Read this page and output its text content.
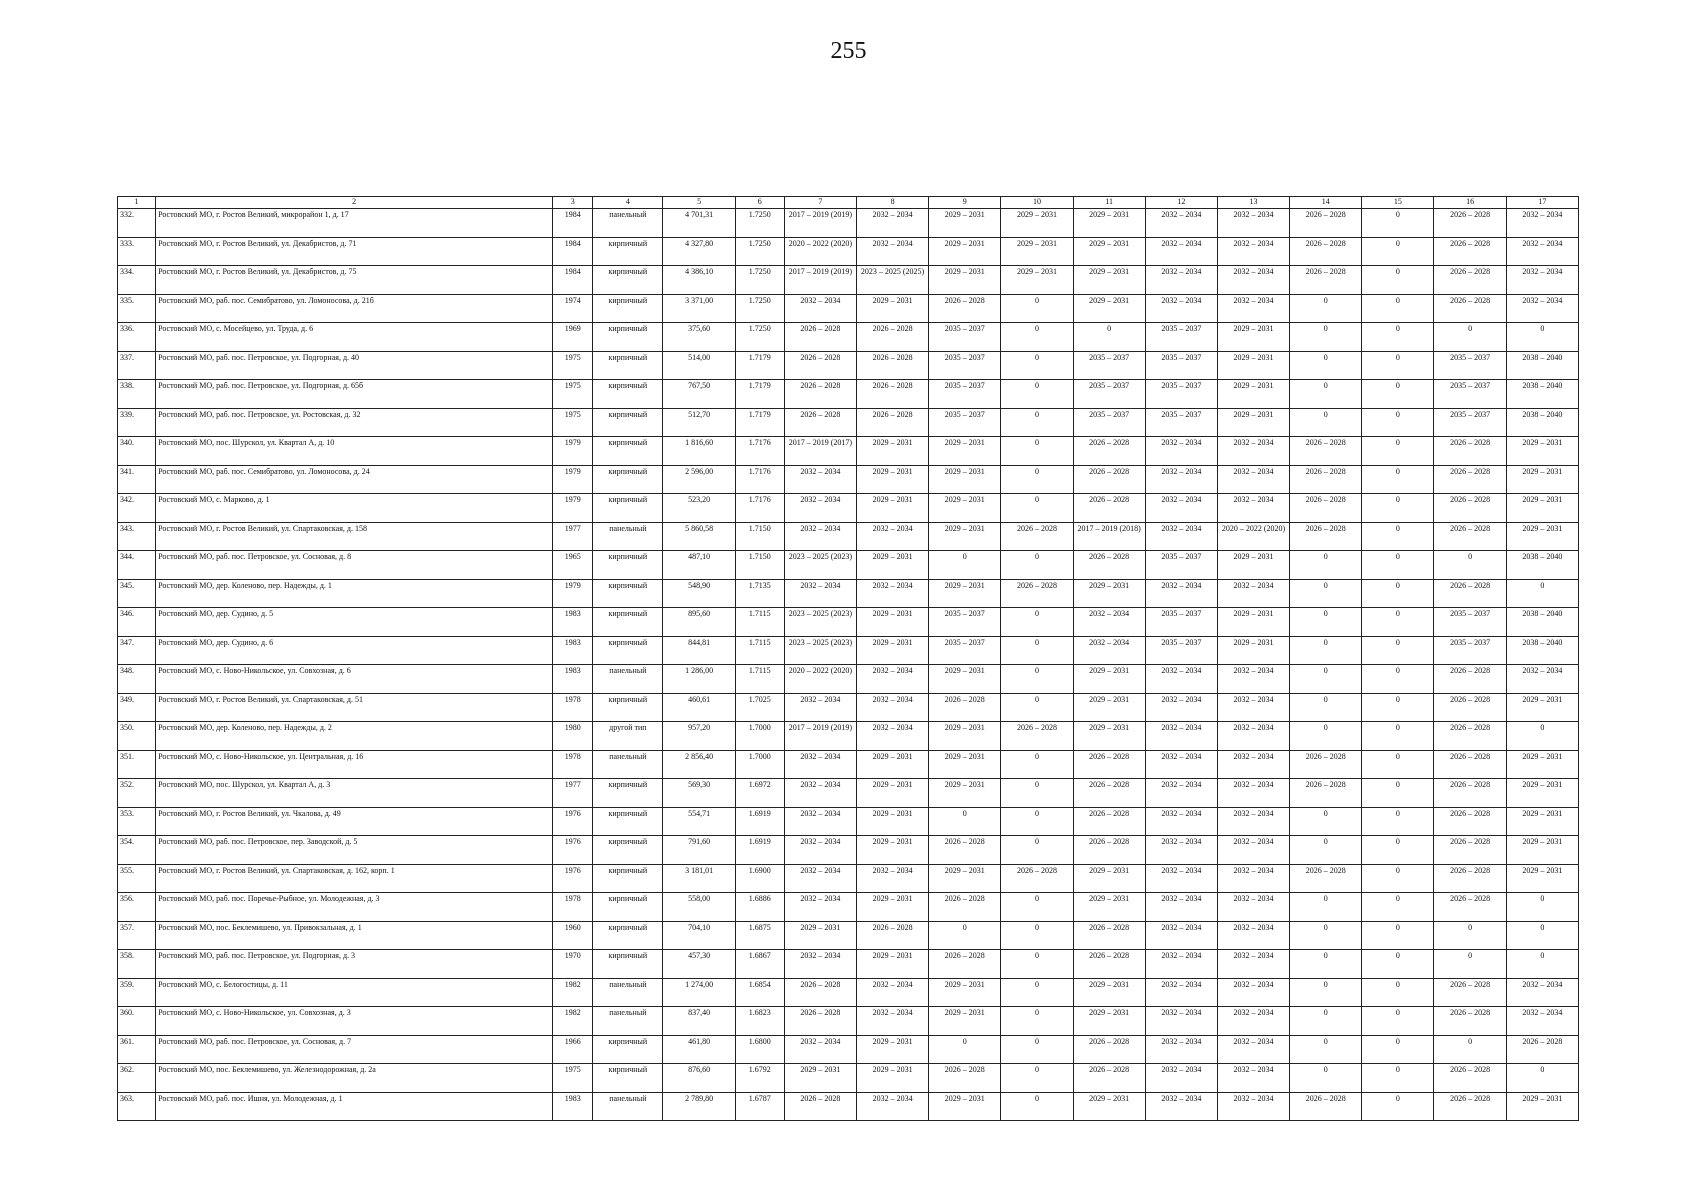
255
1	2	3	4	5	6	7	8	9	10	11	12	13	14	15	16	17
332.	Ростовский МО, г. Ростов Великий, микрорайон 1, д. 17	1984	панельный	4 701,31	1.7250	2017 – 2019 (2019)	2032 – 2034	2029 – 2031	2029 – 2031	2029 – 2031	2032 – 2034	2032 – 2034	2026 – 2028	0	2026 – 2028	2032 – 2034
333.	Ростовский МО, г. Ростов Великий, ул. Декабристов, д. 71	1984	кирпичный	4 327,80	1.7250	2020 – 2022 (2020)	2032 – 2034	2029 – 2031	2029 – 2031	2029 – 2031	2032 – 2034	2032 – 2034	2026 – 2028	0	2026 – 2028	2032 – 2034
334.	Ростовский МО, г. Ростов Великий, ул. Декабристов, д. 75	1984	кирпичный	4 386,10	1.7250	2017 – 2019 (2019)	2023 – 2025 (2025)	2029 – 2031	2029 – 2031	2029 – 2031	2032 – 2034	2032 – 2034	2026 – 2028	0	2026 – 2028	2032 – 2034
335.	Ростовский МО, раб. пос. Семибратово, ул. Ломоносова, д. 21б	1974	кирпичный	3 371,00	1.7250	2032 – 2034	2029 – 2031	2026 – 2028	0	2029 – 2031	2032 – 2034	2032 – 2034	0	0	2026 – 2028	2032 – 2034
336.	Ростовский МО, с. Мосейцево, ул. Труда, д. 6	1969	кирпичный	375,60	1.7250	2026 – 2028	2026 – 2028	2035 – 2037	0	0	2035 – 2037	2029 – 2031	0	0	0	0
337.	Ростовский МО, раб. пос. Петровское, ул. Подгорная, д. 40	1975	кирпичный	514,00	1.7179	2026 – 2028	2026 – 2028	2035 – 2037	0	2035 – 2037	2035 – 2037	2029 – 2031	0	0	2035 – 2037	2038 – 2040
338.	Ростовский МО, раб. пос. Петровское, ул. Подгорная, д. 65б	1975	кирпичный	767,50	1.7179	2026 – 2028	2026 – 2028	2035 – 2037	0	2035 – 2037	2035 – 2037	2029 – 2031	0	0	2035 – 2037	2038 – 2040
339.	Ростовский МО, раб. пос. Петровское, ул. Ростовская, д. 32	1975	кирпичный	512,70	1.7179	2026 – 2028	2026 – 2028	2035 – 2037	0	2035 – 2037	2035 – 2037	2029 – 2031	0	0	2035 – 2037	2038 – 2040
340.	Ростовский МО, пос. Шурскол, ул. Квартал А, д. 10	1979	кирпичный	1 816,60	1.7176	2017 – 2019 (2017)	2029 – 2031	2029 – 2031	0	2026 – 2028	2032 – 2034	2032 – 2034	2026 – 2028	0	2026 – 2028	2029 – 2031
341.	Ростовский МО, раб. пос. Семибратово, ул. Ломоносова, д. 24	1979	кирпичный	2 596,00	1.7176	2032 – 2034	2029 – 2031	2029 – 2031	0	2026 – 2028	2032 – 2034	2032 – 2034	2026 – 2028	0	2026 – 2028	2029 – 2031
342.	Ростовский МО, с. Марково, д. 1	1979	кирпичный	523,20	1.7176	2032 – 2034	2029 – 2031	2029 – 2031	0	2026 – 2028	2032 – 2034	2032 – 2034	2026 – 2028	0	2026 – 2028	2029 – 2031
343.	Ростовский МО, г. Ростов Великий, ул. Спартаковская, д. 158	1977	панельный	5 860,58	1.7150	2032 – 2034	2032 – 2034	2029 – 2031	2026 – 2028	2017 – 2019 (2018)	2032 – 2034	2020 – 2022 (2020)	2026 – 2028	0	2026 – 2028	2029 – 2031
344.	Ростовский МО, раб. пос. Петровское, ул. Сосновая, д. 8	1965	кирпичный	487,10	1.7150	2023 – 2025 (2023)	2029 – 2031	0	0	2026 – 2028	2035 – 2037	2029 – 2031	0	0	0	2038 – 2040
345.	Ростовский МО, дер. Коленово, пер. Надежды, д. 1	1979	кирпичный	548,90	1.7135	2032 – 2034	2032 – 2034	2029 – 2031	2026 – 2028	2029 – 2031	2032 – 2034	2032 – 2034	0	0	2026 – 2028	0
346.	Ростовский МО, дер. Судино, д. 5	1983	кирпичный	895,60	1.7115	2023 – 2025 (2023)	2029 – 2031	2035 – 2037	0	2032 – 2034	2035 – 2037	2029 – 2031	0	0	2035 – 2037	2038 – 2040
347.	Ростовский МО, дер. Судино, д. 6	1983	кирпичный	844,81	1.7115	2023 – 2025 (2023)	2029 – 2031	2035 – 2037	0	2032 – 2034	2035 – 2037	2029 – 2031	0	0	2035 – 2037	2038 – 2040
348.	Ростовский МО, с. Ново-Никольское, ул. Совхозная, д. 6	1983	панельный	1 286,00	1.7115	2020 – 2022 (2020)	2032 – 2034	2029 – 2031	0	2029 – 2031	2032 – 2034	2032 – 2034	0	0	2026 – 2028	2032 – 2034
349.	Ростовский МО, г. Ростов Великий, ул. Спартаковская, д. 51	1978	кирпичный	460,61	1.7025	2032 – 2034	2032 – 2034	2026 – 2028	0	2029 – 2031	2032 – 2034	2032 – 2034	0	0	2026 – 2028	2029 – 2031
350.	Ростовский МО, дер. Коленово, пер. Надежды, д. 2	1980	другой тип	957,20	1.7000	2017 – 2019 (2019)	2032 – 2034	2029 – 2031	2026 – 2028	2029 – 2031	2032 – 2034	2032 – 2034	0	0	2026 – 2028	0
351.	Ростовский МО, с. Ново-Никольское, ул. Центральная, д. 16	1978	панельный	2 856,40	1.7000	2032 – 2034	2029 – 2031	2029 – 2031	0	2026 – 2028	2032 – 2034	2032 – 2034	2026 – 2028	0	2026 – 2028	2029 – 2031
352.	Ростовский МО, пос. Шурскол, ул. Квартал А, д. 3	1977	кирпичный	569,30	1.6972	2032 – 2034	2029 – 2031	2029 – 2031	0	2026 – 2028	2032 – 2034	2032 – 2034	2026 – 2028	0	2026 – 2028	2029 – 2031
353.	Ростовский МО, г. Ростов Великий, ул. Чкалова, д. 49	1976	кирпичный	554,71	1.6919	2032 – 2034	2029 – 2031	0	0	2026 – 2028	2032 – 2034	2032 – 2034	0	0	2026 – 2028	2029 – 2031
354.	Ростовский МО, раб. пос. Петровское, пер. Заводской, д. 5	1976	кирпичный	791,60	1.6919	2032 – 2034	2029 – 2031	2026 – 2028	0	2026 – 2028	2032 – 2034	2032 – 2034	0	0	2026 – 2028	2029 – 2031
355.	Ростовский МО, г. Ростов Великий, ул. Спартаковская, д. 162, корп. 1	1976	кирпичный	3 181,01	1.6900	2032 – 2034	2032 – 2034	2029 – 2031	2026 – 2028	2029 – 2031	2032 – 2034	2032 – 2034	2026 – 2028	0	2026 – 2028	2029 – 2031
356.	Ростовский МО, раб. пос. Поречье-Рыбное, ул. Молодежная, д. 3	1978	кирпичный	558,00	1.6886	2032 – 2034	2029 – 2031	2026 – 2028	0	2029 – 2031	2032 – 2034	2032 – 2034	0	0	2026 – 2028	0
357.	Ростовский МО, пос. Беклемишево, ул. Привокзальная, д. 1	1960	кирпичный	704,10	1.6875	2029 – 2031	2026 – 2028	0	0	2026 – 2028	2032 – 2034	2032 – 2034	0	0	0	0
358.	Ростовский МО, раб. пос. Петровское, ул. Подгорная, д. 3	1970	кирпичный	457,30	1.6867	2032 – 2034	2029 – 2031	2026 – 2028	0	2026 – 2028	2032 – 2034	2032 – 2034	0	0	0	0
359.	Ростовский МО, с. Белогостицы, д. 11	1982	панельный	1 274,00	1.6854	2026 – 2028	2032 – 2034	2029 – 2031	0	2029 – 2031	2032 – 2034	2032 – 2034	0	0	2026 – 2028	2032 – 2034
360.	Ростовский МО, с. Ново-Никольское, ул. Совхозная, д. 3	1982	панельный	837,40	1.6823	2026 – 2028	2032 – 2034	2029 – 2031	0	2029 – 2031	2032 – 2034	2032 – 2034	0	0	2026 – 2028	2032 – 2034
361.	Ростовский МО, раб. пос. Петровское, ул. Сосновая, д. 7	1966	кирпичный	461,80	1.6800	2032 – 2034	2029 – 2031	0	0	2026 – 2028	2032 – 2034	2032 – 2034	0	0	0	2026 – 2028
362.	Ростовский МО, пос. Беклемишево, ул. Железнодорожная, д. 2а	1975	кирпичный	876,60	1.6792	2029 – 2031	2029 – 2031	2026 – 2028	0	2026 – 2028	2032 – 2034	2032 – 2034	0	0	2026 – 2028	0
363.	Ростовский МО, раб. пос. Ишня, ул. Молодежная, д. 1	1983	панельный	2 789,80	1.6787	2026 – 2028	2032 – 2034	2029 – 2031	0	2029 – 2031	2032 – 2034	2032 – 2034	2026 – 2028	0	2026 – 2028	2029 – 2031
